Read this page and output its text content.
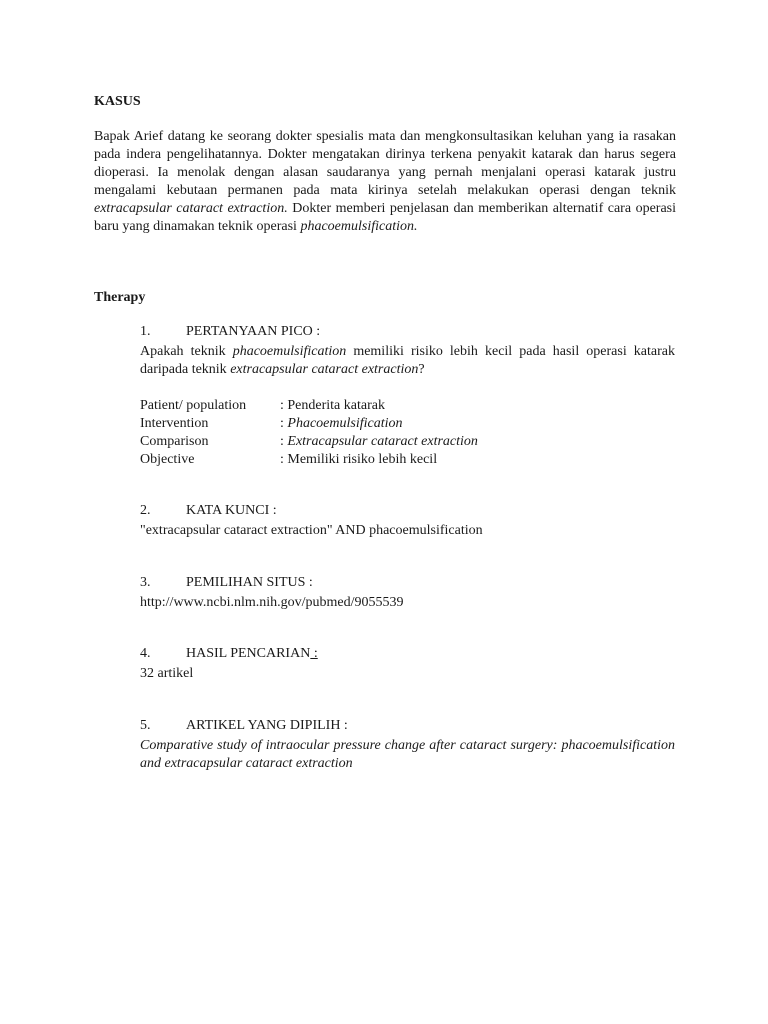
KASUS

Bapak Arief datang ke seorang dokter spesialis mata dan mengkonsultasikan keluhan yang ia rasakan pada indera pengelihatannya. Dokter mengatakan dirinya terkena penyakit katarak dan harus segera dioperasi. Ia menolak dengan alasan saudaranya yang pernah menjalani operasi katarak justru mengalami kebutaan permanen pada mata kirinya setelah melakukan operasi dengan teknik extracapsular cataract extraction. Dokter memberi penjelasan dan memberikan alternatif cara operasi baru yang dinamakan teknik operasi phacoemulsification.

Therapy
1.	PERTANYAAN PICO :

Apakah teknik phacoemulsification memiliki risiko lebih kecil pada hasil operasi katarak daripada teknik extracapsular cataract extraction?

Patient/ population : Penderita katarak
Intervention	: Phacoemulsification
Comparison	: Extracapsular cataract extraction
Objective	: Memiliki risiko lebih kecil
2.	KATA KUNCI :
"extracapsular cataract extraction" AND phacoemulsification
3.	PEMILIHAN SITUS :
http://www.ncbi.nlm.nih.gov/pubmed/9055539
4.	HASIL PENCARIAN :
32 artikel
5.	ARTIKEL YANG DIPILIH :

Comparative study of intraocular pressure change after cataract surgery: phacoemulsification and extracapsular cataract extraction
